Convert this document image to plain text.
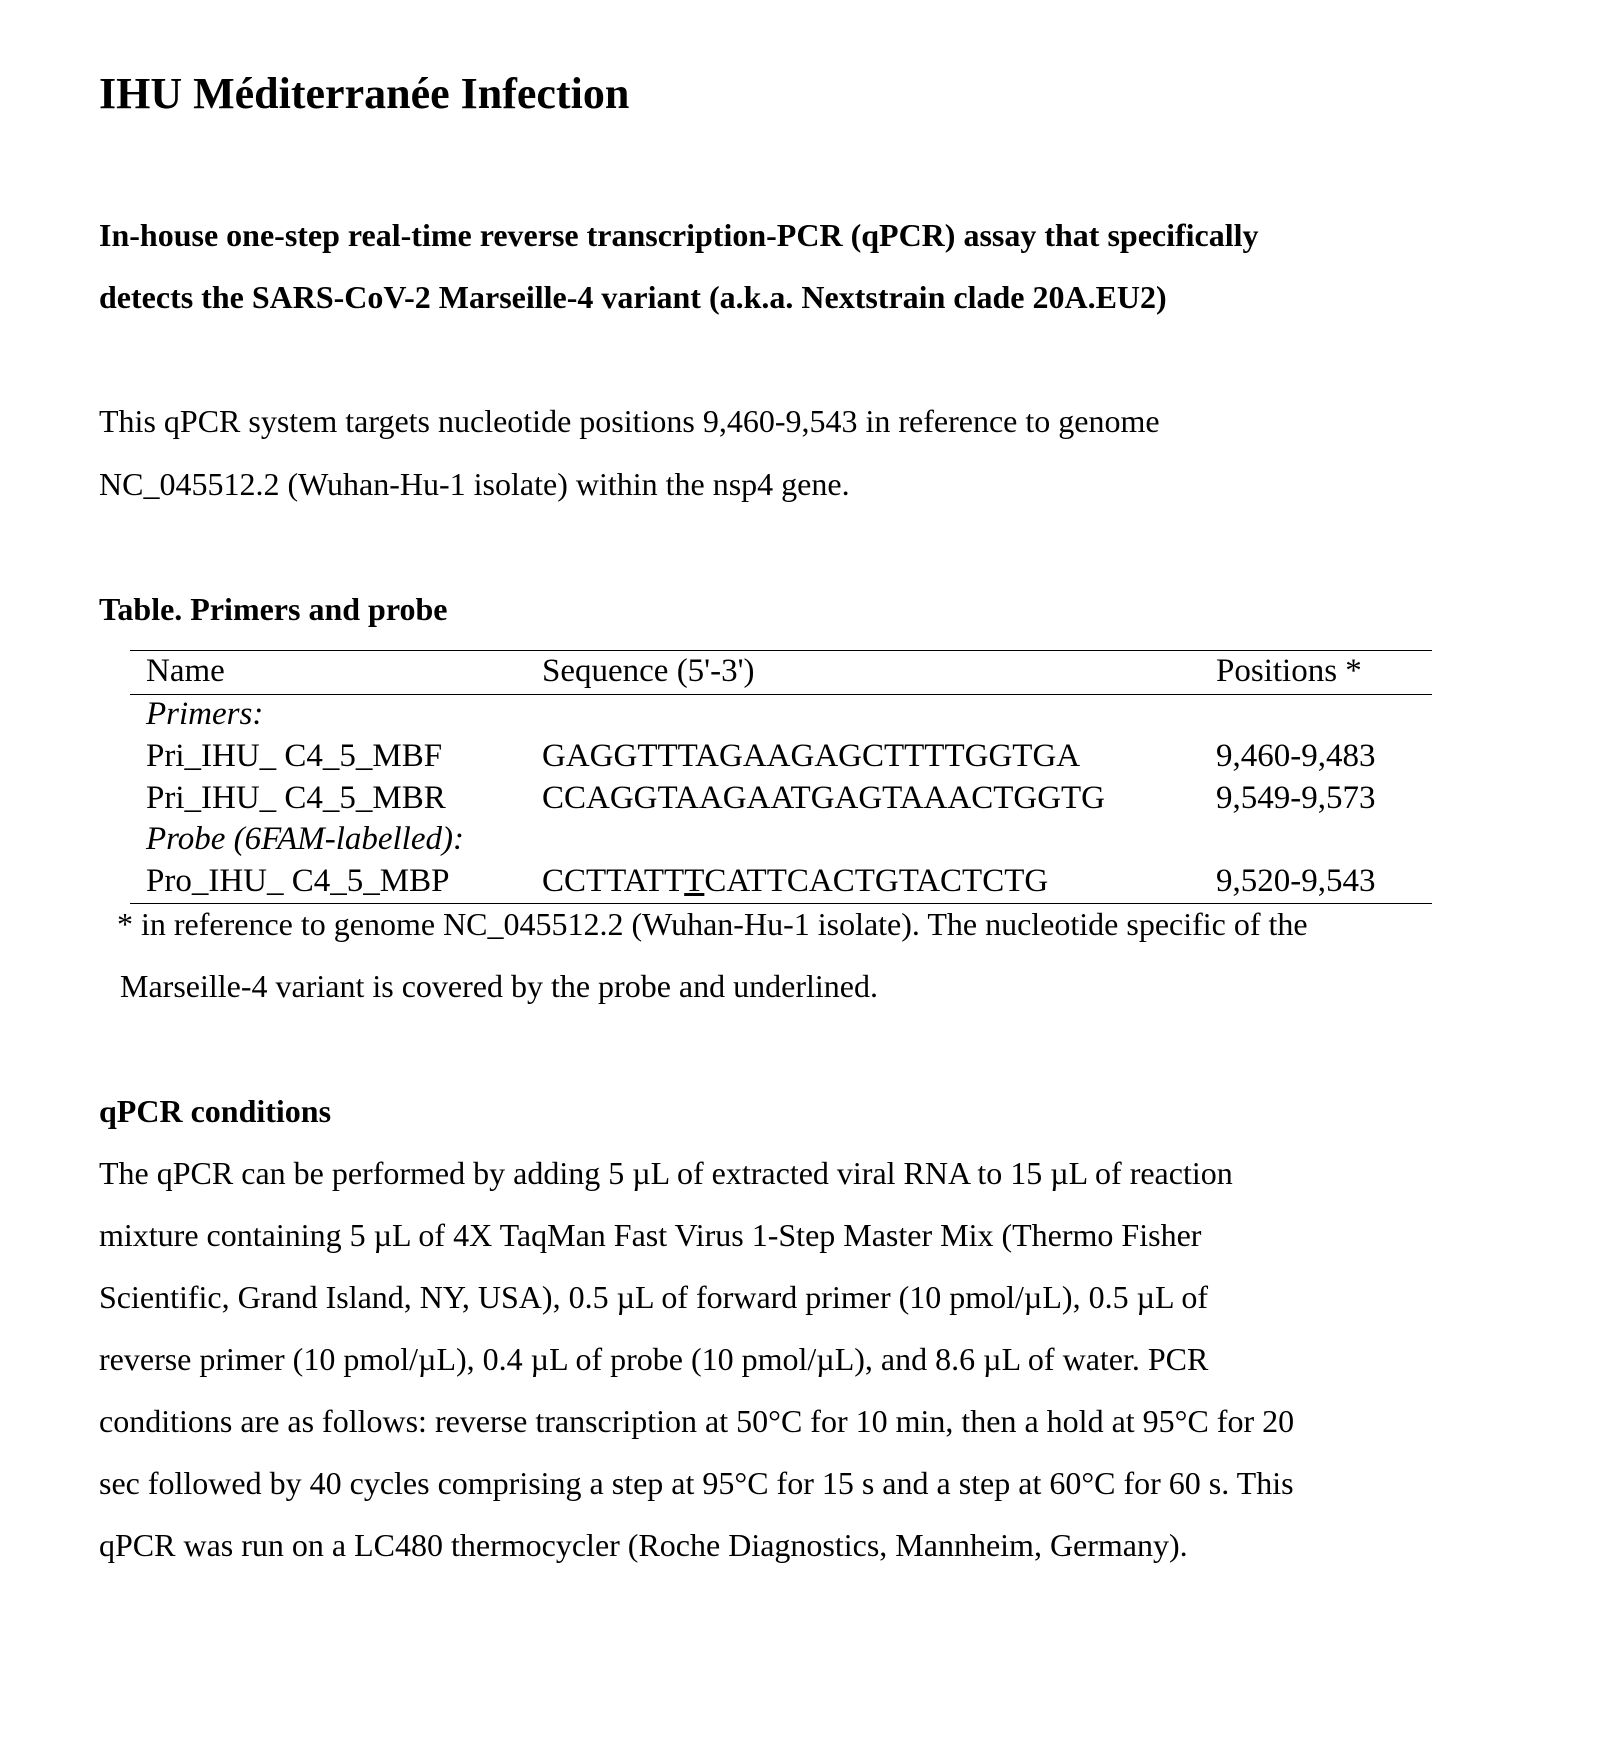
IHU Méditerranée Infection

In-house one-step real-time reverse transcription-PCR (qPCR) assay that specifically

detects the SARS-CoV-2 Marseille-4 variant (a.k.a. Nextstrain clade 20A.EU2)

This qPCR system targets nucleotide positions 9,460-9,543 in reference to genome

NC_045512.2 (Wuhan-Hu-1 isolate) within the nsp4 gene.

Table. Primers and probe

Name	Sequence (5'-3')	Positions *
Primers:
Pri_IHU_ C4_5_MBF	GAGGTTTAGAAGAGCTTTTGGTGA	9,460-9,483
Pri_IHU_ C4_5_MBR	CCAGGTAAGAATGAGTAAACTGGTG	9,549-9,573
Probe (6FAM-labelled):
Pro_IHU_ C4_5_MBP	CCTTATTTCATTCACTGTACTCTG	9,520-9,543
* in reference to genome NC_045512.2 (Wuhan-Hu-1 isolate). The nucleotide specific of the
Marseille-4 variant is covered by the probe and underlined.

qPCR conditions

The qPCR can be performed by adding 5 µL of extracted viral RNA to 15 µL of reaction

mixture containing 5 µL of 4X TaqMan Fast Virus 1-Step Master Mix (Thermo Fisher

Scientific, Grand Island, NY, USA), 0.5 µL of forward primer (10 pmol/µL), 0.5 µL of

reverse primer (10 pmol/µL), 0.4 µL of probe (10 pmol/µL), and 8.6 µL of water. PCR

conditions are as follows: reverse transcription at 50°C for 10 min, then a hold at 95°C for 20

sec followed by 40 cycles comprising a step at 95°C for 15 s and a step at 60°C for 60 s. This

qPCR was run on a LC480 thermocycler (Roche Diagnostics, Mannheim, Germany).
